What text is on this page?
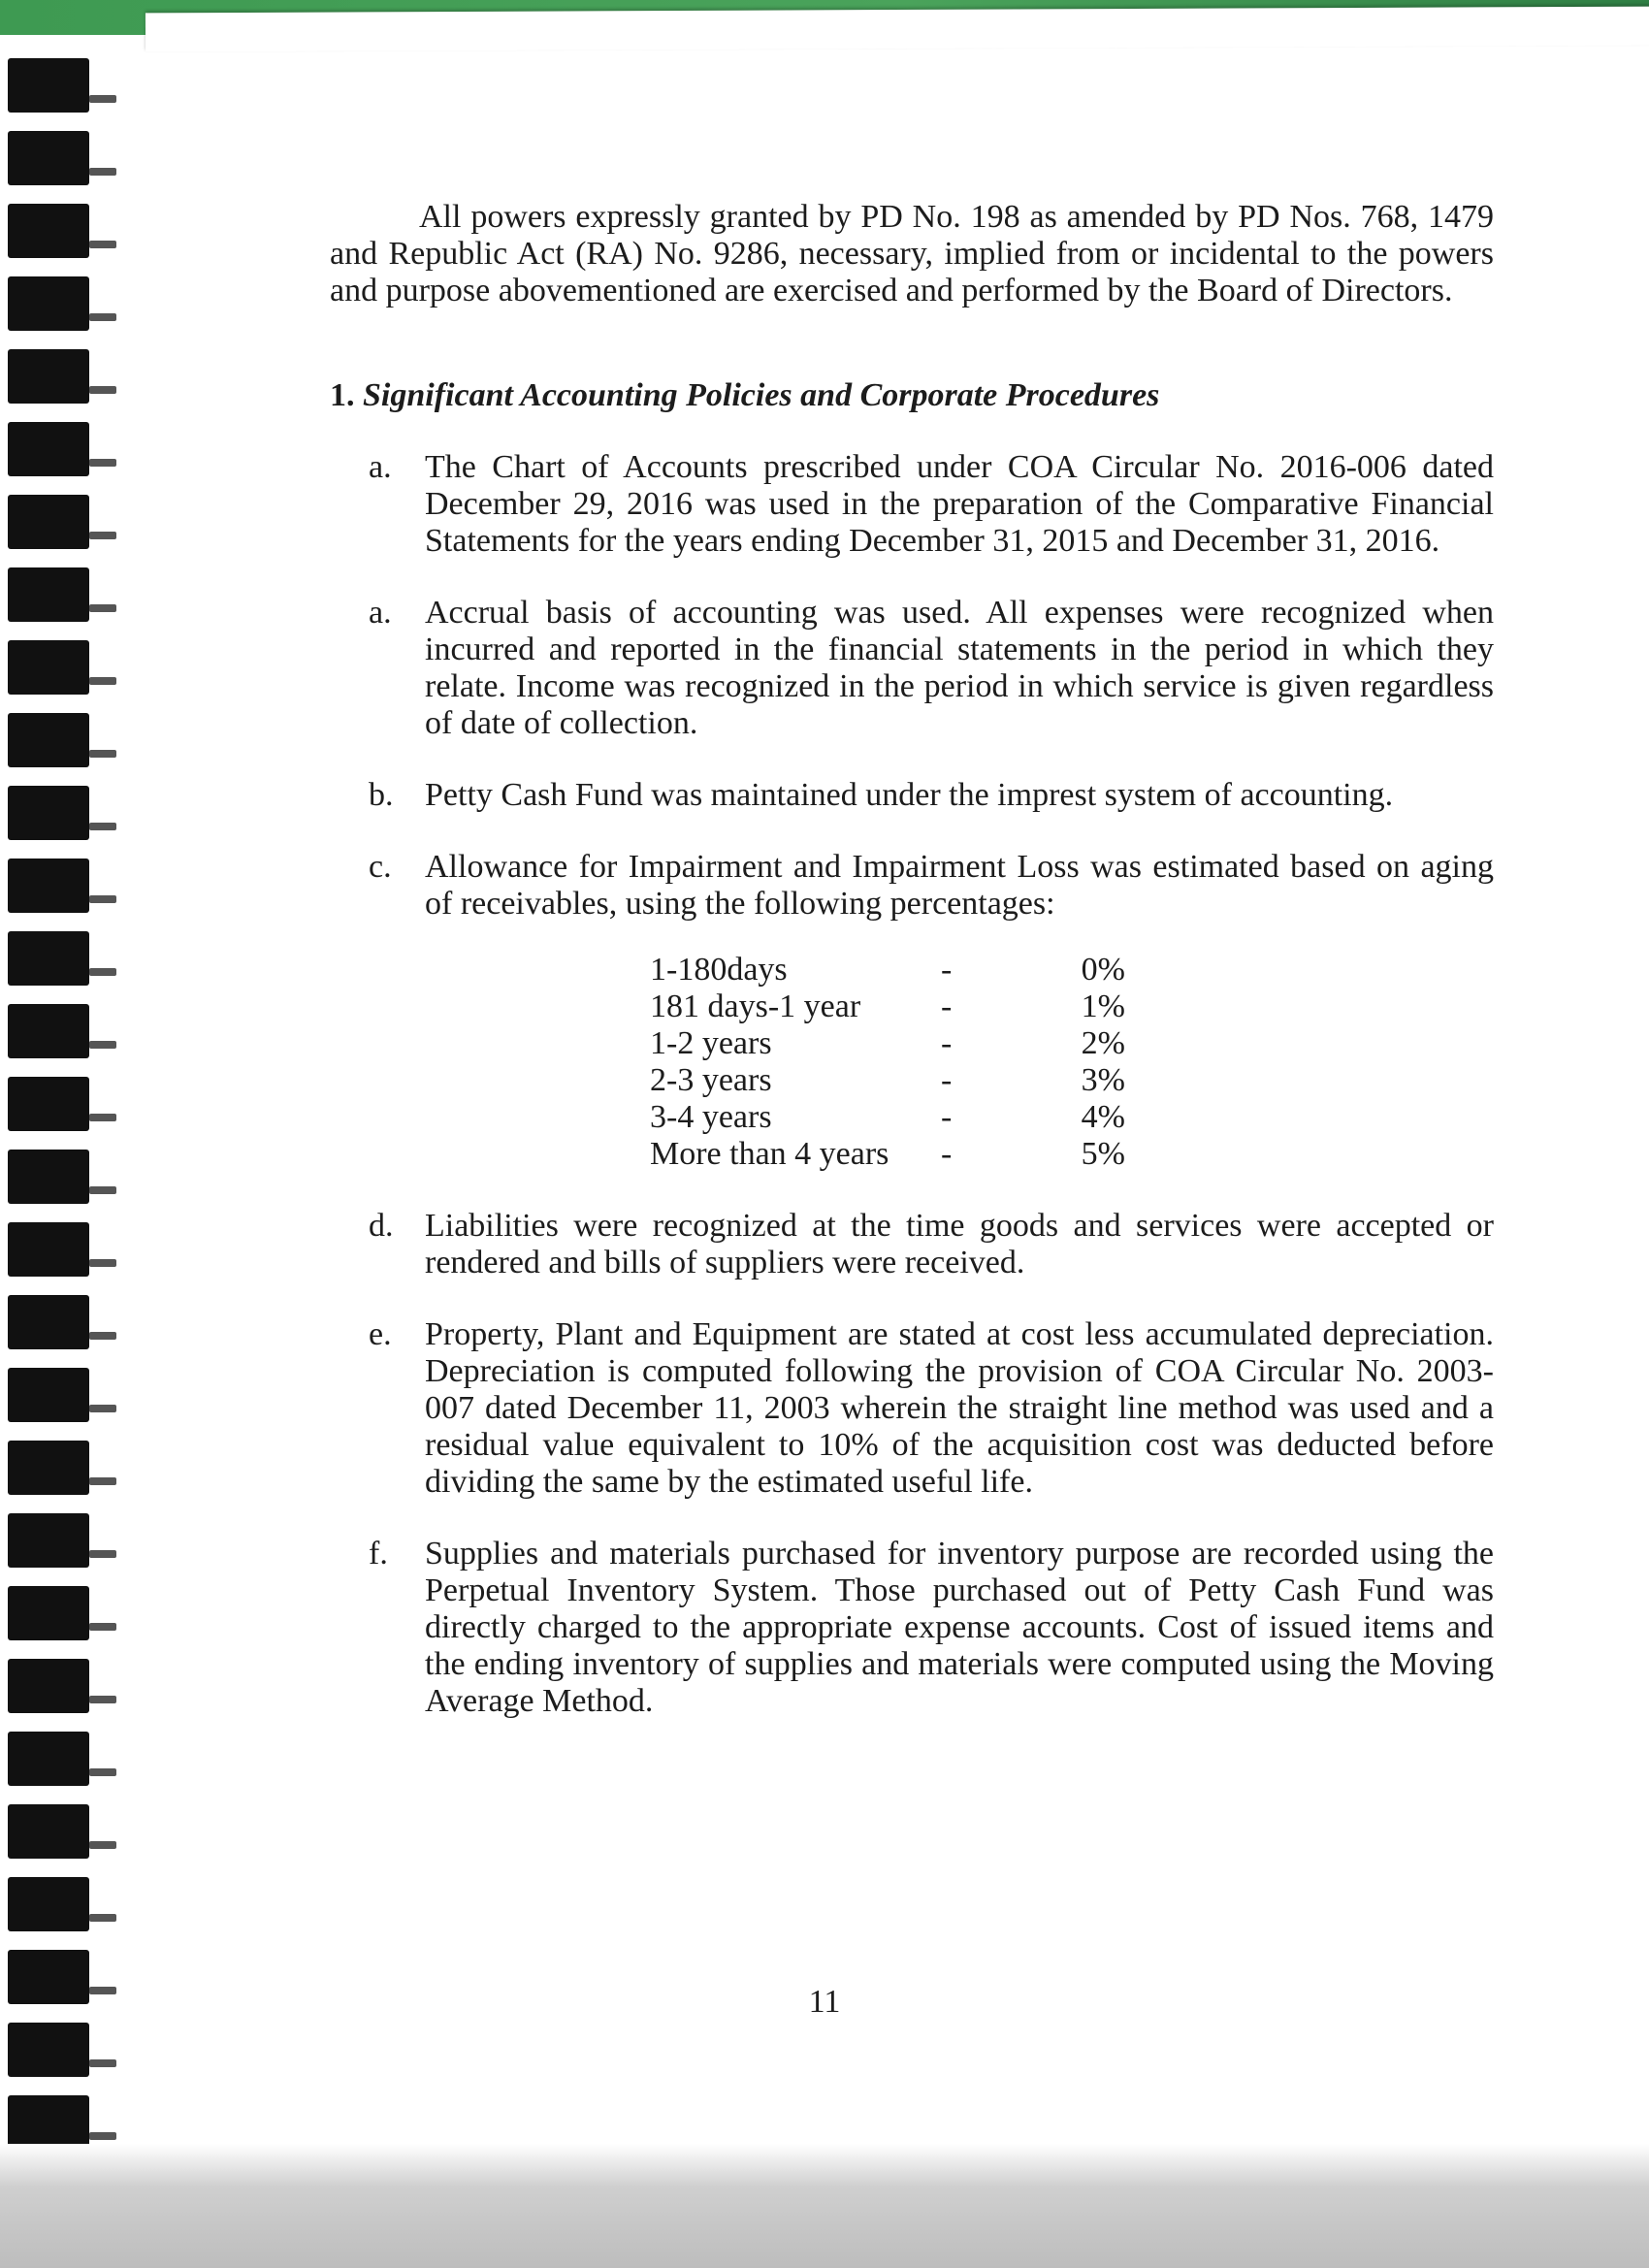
All powers expressly granted by PD No. 198 as amended by PD Nos. 768, 1479 and Republic Act (RA) No. 9286, necessary, implied from or incidental to the powers and purpose abovementioned are exercised and performed by the Board of Directors.

1. Significant Accounting Policies and Corporate Procedures

a.	The Chart of Accounts prescribed under COA Circular No. 2016-006 dated December 29, 2016 was used in the preparation of the Comparative Financial Statements for the years ending December 31, 2015 and December 31, 2016.
a.	Accrual basis of accounting was used. All expenses were recognized when incurred and reported in the financial statements in the period in which they relate. Income was recognized in the period in which service is given regardless of date of collection.
b. Petty Cash Fund was maintained under the imprest system of accounting.
c.	Allowance for Impairment and Impairment Loss was estimated based on aging of receivables, using the following percentages:
1-180days	-	0%
181 days-1 year	-	1%
1-2 years	-	2%
2-3 years	-	3%
3-4 years	-	4%
More than 4 years	-	5%
d. Liabilities were recognized at the time goods and services were accepted or rendered and bills of suppliers were received.
e.	Property, Plant and Equipment are stated at cost less accumulated depreciation. Depreciation is computed following the provision of COA Circular No. 2003-007 dated December 11, 2003 wherein the straight line method was used and a residual value equivalent to 10% of the acquisition cost was deducted before dividing the same by the estimated useful life.
f.	Supplies and materials purchased for inventory purpose are recorded using the Perpetual Inventory System. Those purchased out of Petty Cash Fund was directly charged to the appropriate expense accounts. Cost of issued items and the ending inventory of supplies and materials were computed using the Moving Average Method.
11
